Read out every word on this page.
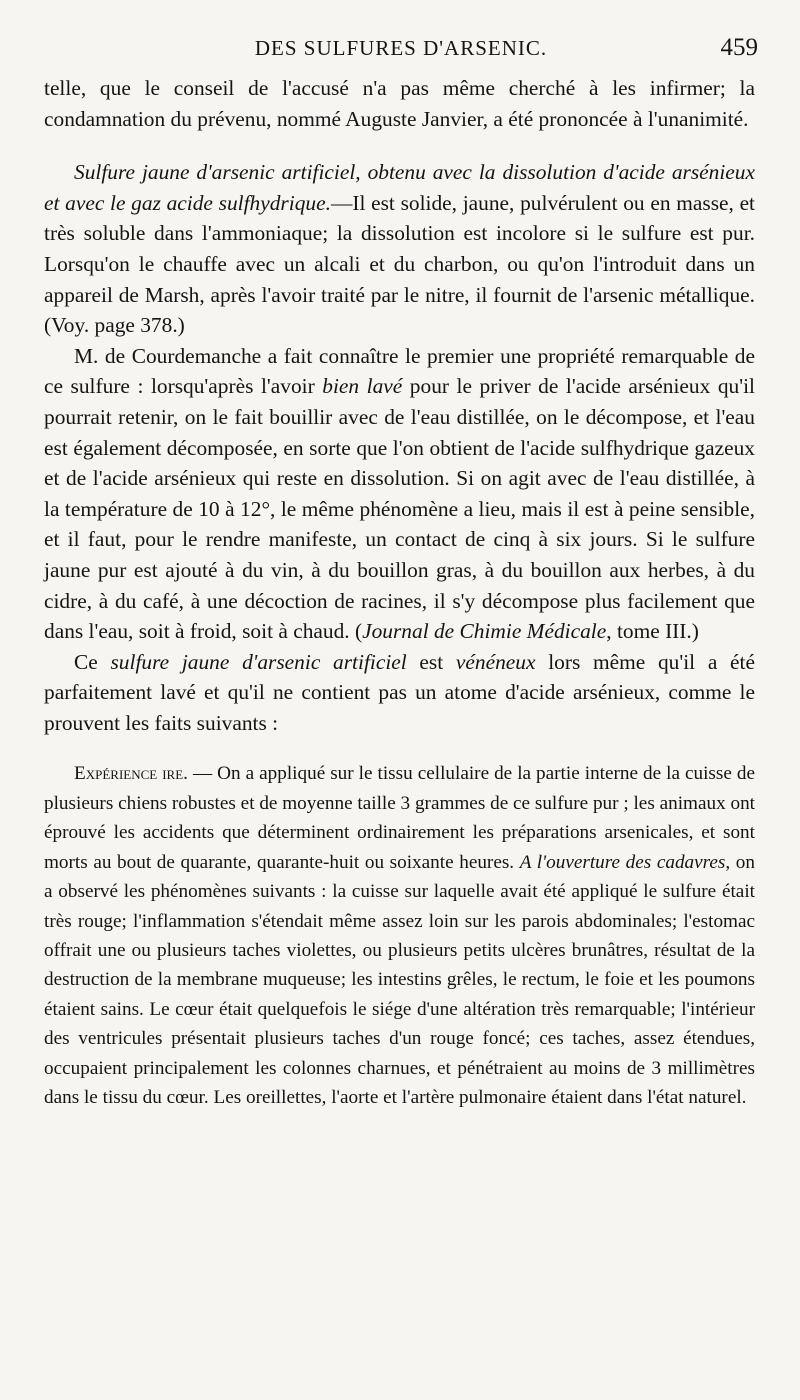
DES SULFURES D'ARSENIC.	459

telle, que le conseil de l'accusé n'a pas même cherché à les infirmer; la condamnation du prévenu, nommé Auguste Janvier, a été prononcée à l'unanimité.

Sulfure jaune d'arsenic artificiel, obtenu avec la dissolution d'acide arsénieux et avec le gaz acide sulfhydrique.—Il est solide, jaune, pulvérulent ou en masse, et très soluble dans l'ammoniaque; la dissolution est incolore si le sulfure est pur. Lorsqu'on le chauffe avec un alcali et du charbon, ou qu'on l'introduit dans un appareil de Marsh, après l'avoir traité par le nitre, il fournit de l'arsenic métallique. (Voy. page 378.)

M. de Courdemanche a fait connaître le premier une propriété remarquable de ce sulfure : lorsqu'après l'avoir bien lavé pour le priver de l'acide arsénieux qu'il pourrait retenir, on le fait bouillir avec de l'eau distillée, on le décompose, et l'eau est également décomposée, en sorte que l'on obtient de l'acide sulfhydrique gazeux et de l'acide arsénieux qui reste en dissolution. Si on agit avec de l'eau distillée, à la température de 10 à 12°, le même phénomène a lieu, mais il est à peine sensible, et il faut, pour le rendre manifeste, un contact de cinq à six jours. Si le sulfure jaune pur est ajouté à du vin, à du bouillon gras, à du bouillon aux herbes, à du cidre, à du café, à une décoction de racines, il s'y décompose plus facilement que dans l'eau, soit à froid, soit à chaud. (Journal de Chimie Médicale, tome III.)

Ce sulfure jaune d'arsenic artificiel est vénéneux lors même qu'il a été parfaitement lavé et qu'il ne contient pas un atome d'acide arsénieux, comme le prouvent les faits suivants :

Expérience ire. — On a appliqué sur le tissu cellulaire de la partie interne de la cuisse de plusieurs chiens robustes et de moyenne taille 3 grammes de ce sulfure pur ; les animaux ont éprouvé les accidents que déterminent ordinairement les préparations arsenicales, et sont morts au bout de quarante, quarante-huit ou soixante heures. A l'ouverture des cadavres, on a observé les phénomènes suivants : la cuisse sur laquelle avait été appliqué le sulfure était très rouge; l'inflammation s'étendait même assez loin sur les parois abdominales; l'estomac offrait une ou plusieurs taches violettes, ou plusieurs petits ulcères brunâtres, résultat de la destruction de la membrane muqueuse; les intestins grêles, le rectum, le foie et les poumons étaient sains. Le cœur était quelquefois le siége d'une altération très remarquable; l'intérieur des ventricules présentait plusieurs taches d'un rouge foncé; ces taches, assez étendues, occupaient principalement les colonnes charnues, et pénétraient au moins de 3 millimètres dans le tissu du cœur. Les oreillettes, l'aorte et l'artère pulmonaire étaient dans l'état naturel.
